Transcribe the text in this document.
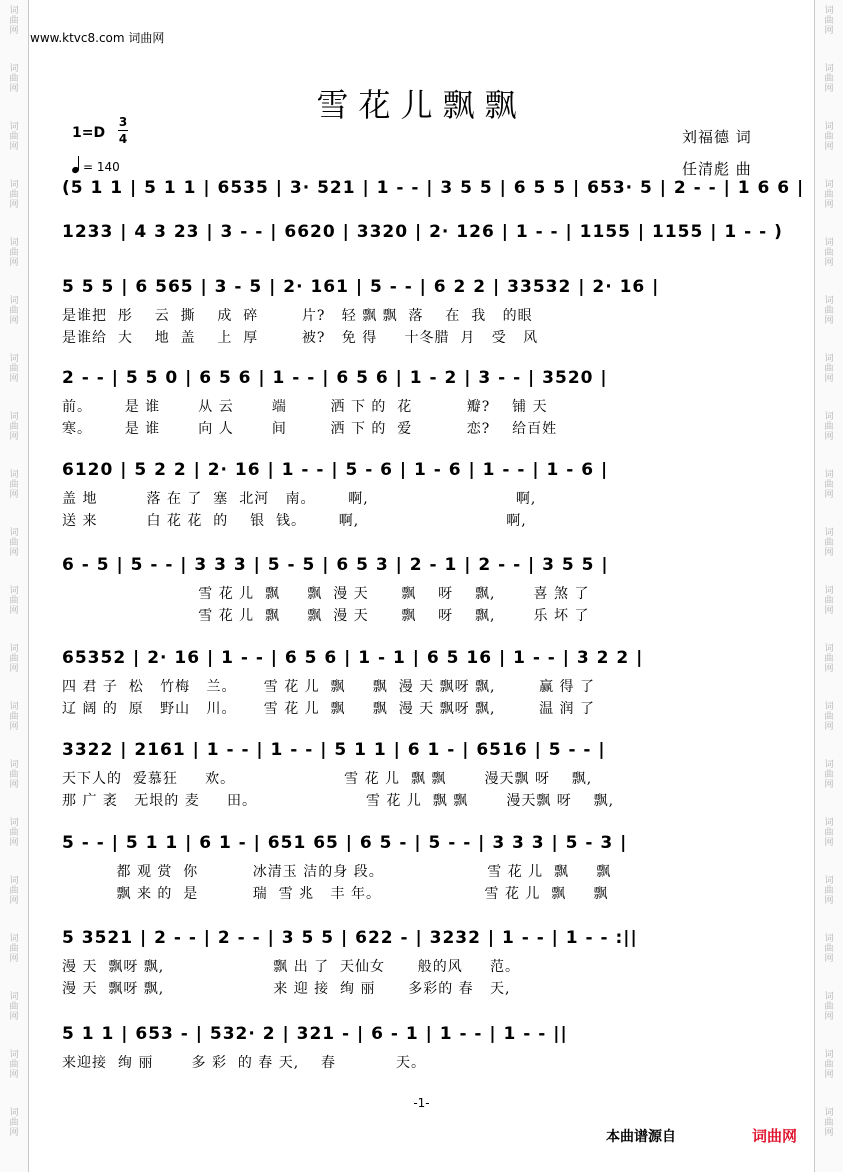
词
曲
网
词
曲
网
词
曲
网
词
曲
网
词
曲
网
词
曲
网
词
曲
网
词
曲
网
词
曲
网
词
曲
网
词
曲
网
词
曲
网
词
曲
网
词
曲
网
词
曲
网
词
曲
网
词
曲
网
词
曲
网
词
曲
网
词
曲
网
词
曲
网
词
曲
网
词
曲
网
词
曲
网
词
曲
网
词
曲
网
词
曲
网
词
曲
网
词
曲
网
词
曲
网
词
曲
网
词
曲
网
词
曲
网
词
曲
网
词
曲
网
词
曲
网
词
曲
网
词
曲
网
词
曲
网
词
曲
网
www.ktvc8.com 词曲网
雪花儿飘飘
1=D
3
4
= 140
刘福德 词
任清彪 曲
(5 1 1 | 5 1 1 | 6535 | 3· 521 | 1 - - | 3 5 5 | 6 5 5 | 653· 5 | 2 - - | 1 6 6 |
1233 | 4 3 23 | 3 - - | 6620 | 3320 | 2· 126 | 1 - - | 1155 | 1155 | 1 - - )
5 5 5 | 6 565 | 3 - 5 | 2· 161 | 5 - - | 6 2 2 | 33532 | 2· 16 |
是谁把  彤    云  撕    成  碎        片?   轻 飘 飘  落    在  我   的眼
是谁给  大    地  盖    上  厚        被?   免 得     十冬腊  月   受   风
2 - - | 5 5 0 | 6 5 6 | 1 - - | 6 5 6 | 1 - 2 | 3 - - | 3520 |
前。      是 谁       从 云       端        洒 下 的  花          瓣?    铺 天
寒。      是 谁       向 人       间        洒 下 的  爱          恋?    给百姓
6120 | 5 2 2 | 2· 16 | 1 - - | 5 - 6 | 1 - 6 | 1 - - | 1 - 6 |
盖 地         落 在 了  塞  北河   南。      啊,                           啊,
送 来         白 花 花  的    银  钱。      啊,                           啊,
6 - 5 | 5 - - | 3 3 3 | 5 - 5 | 6 5 3 | 2 - 1 | 2 - - | 3 5 5 |
雪 花 儿  飘     飘  漫 天      飘    呀    飘,       喜 煞 了
雪 花 儿  飘     飘  漫 天      飘    呀    飘,       乐 坏 了
65352 | 2· 16 | 1 - - | 6 5 6 | 1 - 1 | 6 5 16 | 1 - - | 3 2 2 |
四 君 子  松   竹梅   兰。     雪 花 儿  飘     飘  漫 天 飘呀 飘,        赢 得 了
辽 阔 的  原   野山   川。     雪 花 儿  飘     飘  漫 天 飘呀 飘,        温 润 了
3322 | 2161 | 1 - - | 1 - - | 5 1 1 | 6 1 - | 6516 | 5 - - |
天下人的  爱慕狂     欢。                    雪 花 儿  飘 飘       漫天飘 呀    飘,
那 广 袤   无垠的 麦     田。                    雪 花 儿  飘 飘       漫天飘 呀    飘,
5 - - | 5 1 1 | 6 1 - | 651 65 | 6 5 - | 5 - - | 3 3 3 | 5 - 3 |
都 观 赏  你          冰清玉 洁的身 段。                   雪 花 儿  飘     飘
飘 来 的  是          瑞  雪 兆   丰 年。                   雪 花 儿  飘     飘
5 3521 | 2 - - | 2 - - | 3 5 5 | 622 - | 3232 | 1 - - | 1 - - :||
漫 天  飘呀 飘,                    飘 出 了  天仙女      般的风     范。
漫 天  飘呀 飘,                    来 迎 接  绚 丽      多彩的 春   天,
5 1 1 | 653 - | 532· 2 | 321 - | 6 - 1 | 1 - - | 1 - - ||
来迎接  绚 丽       多 彩  的 春 天,    春           天。
-1-
本曲谱源自	词曲网
